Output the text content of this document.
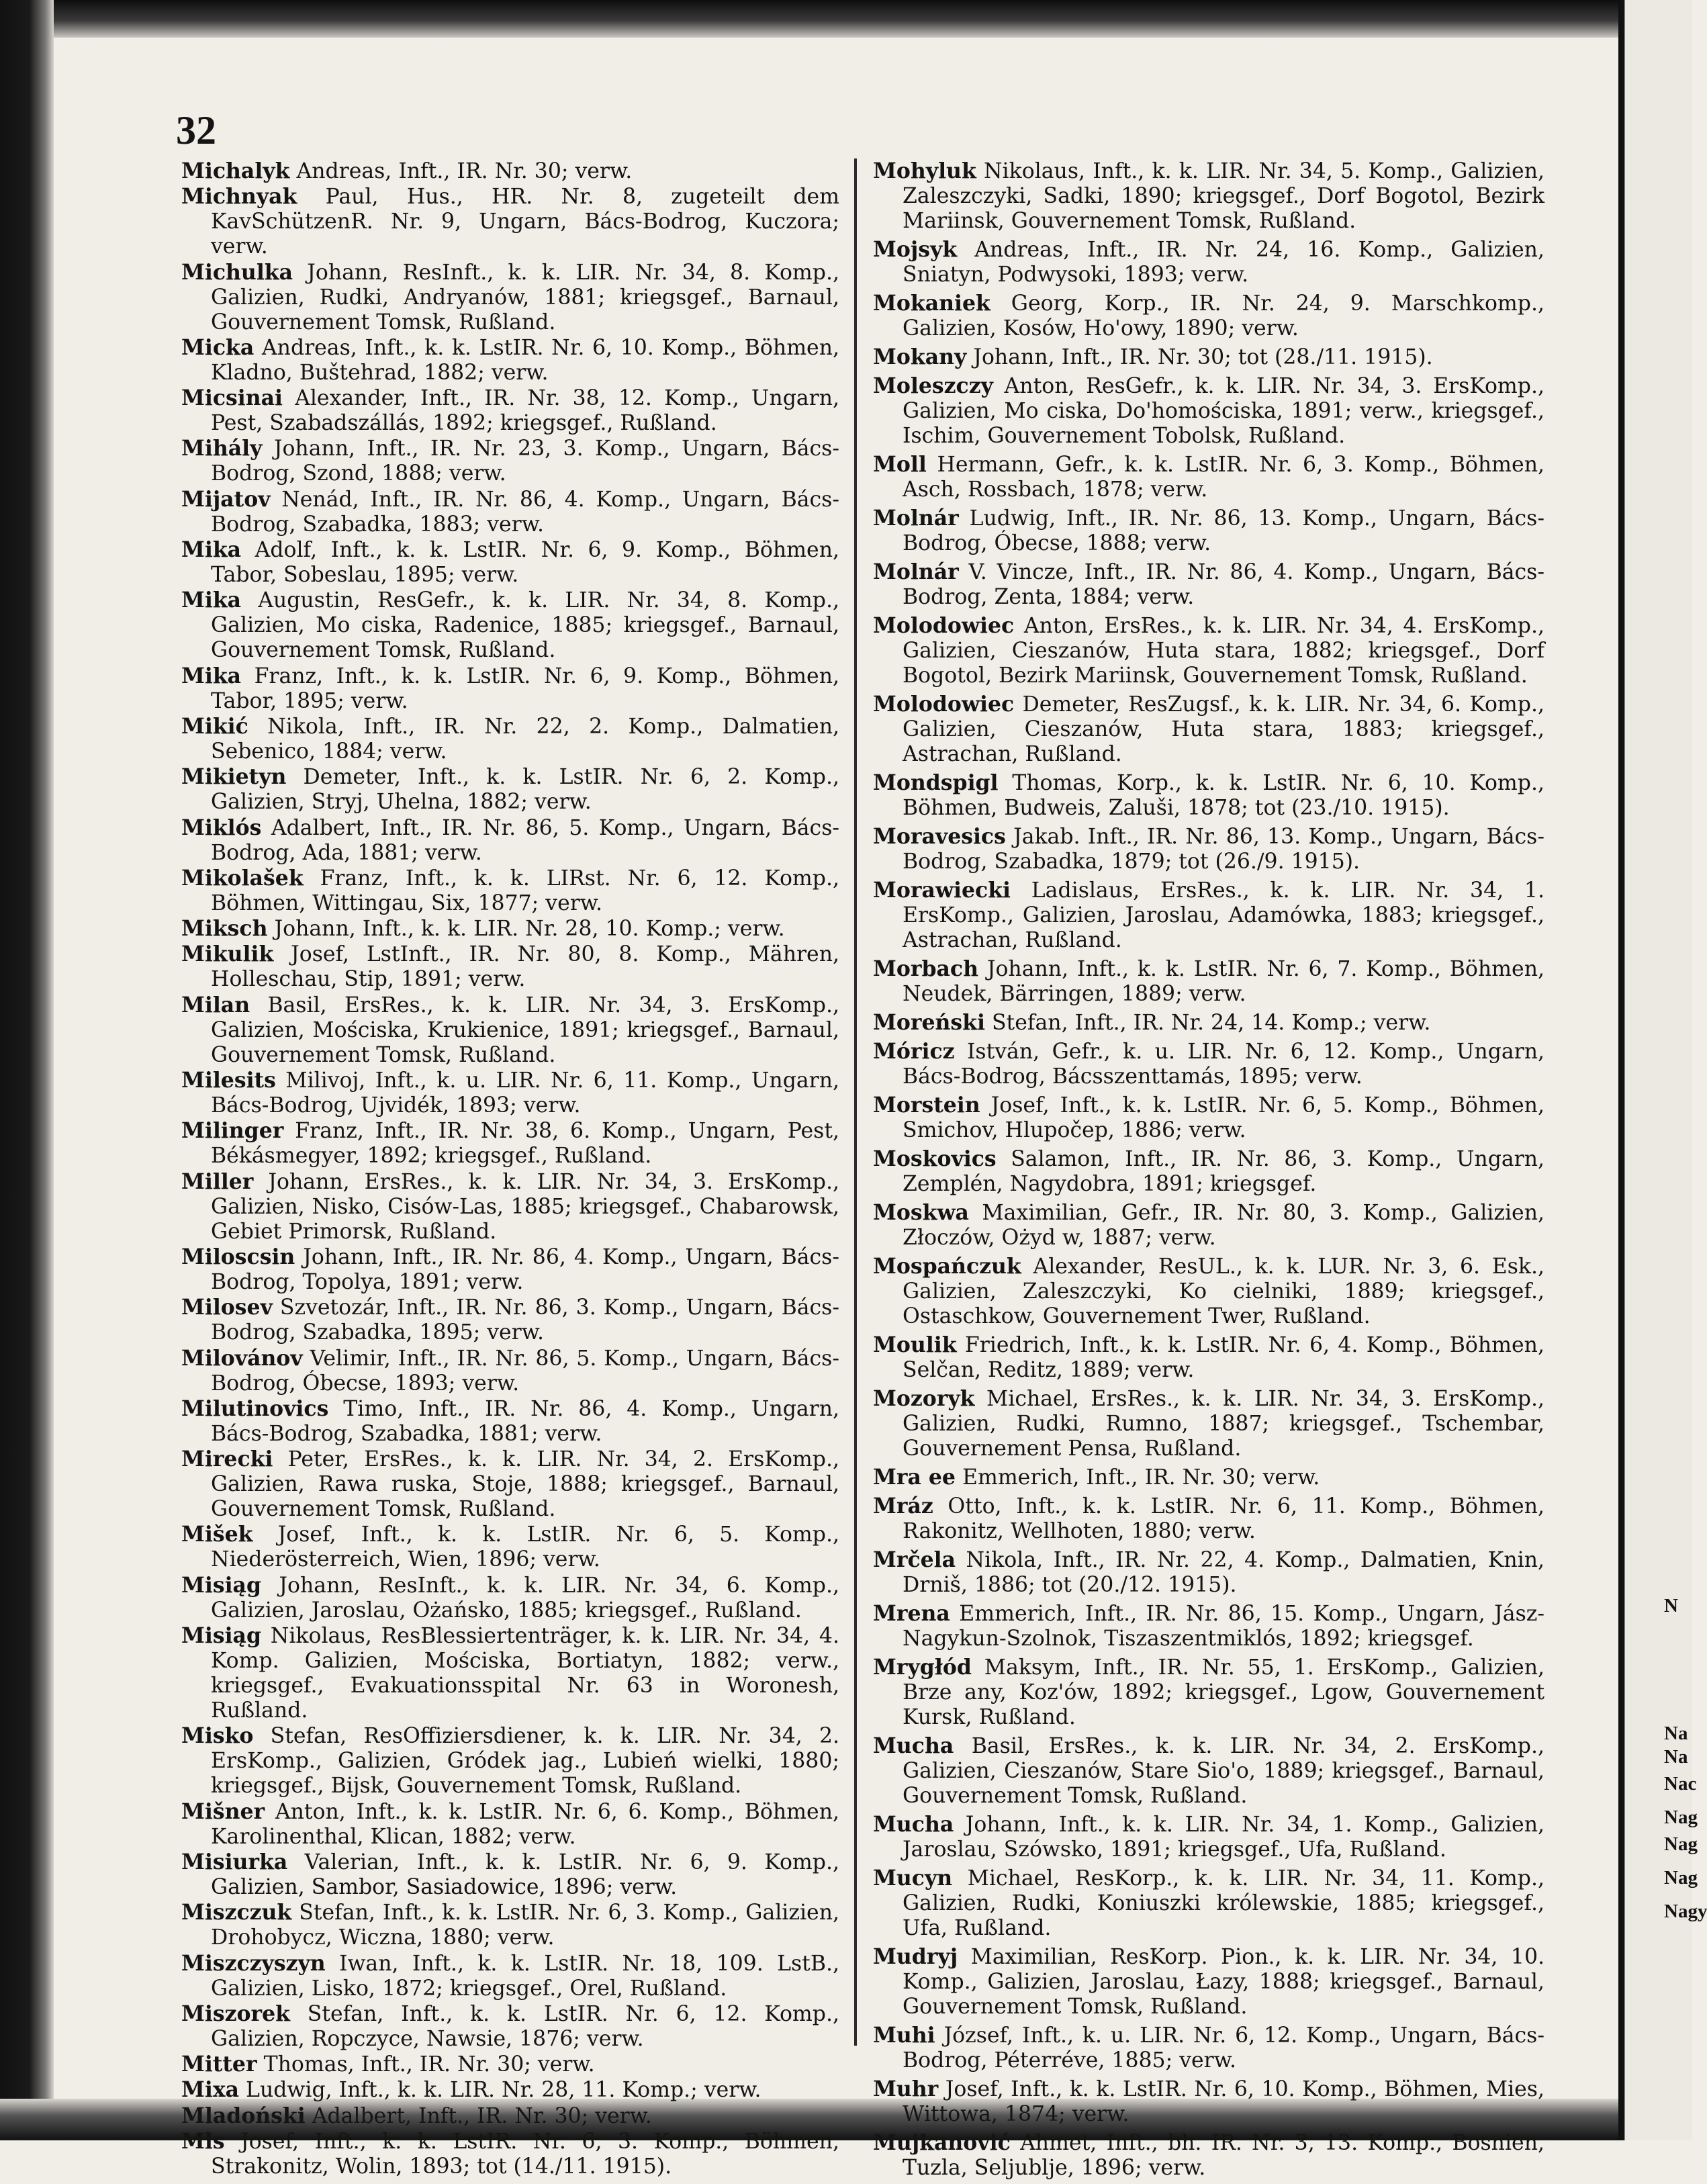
32
Michalyk Andreas, Inft., IR. Nr. 30; verw.
Michnyak Paul, Hus., HR. Nr. 8, zugeteilt dem KavSchützenR. Nr. 9, Ungarn, Bács-Bodrog, Kuczora; verw.
Michulka Johann, ResInft., k. k. LIR. Nr. 34, 8. Komp., Galizien, Rudki, Andryanów, 1881; kriegsgef., Barnaul, Gouvernement Tomsk, Rußland.
Micka Andreas, Inft., k. k. LstIR. Nr. 6, 10. Komp., Böhmen, Kladno, Buštehrad, 1882; verw.
Micsinai Alexander, Inft., IR. Nr. 38, 12. Komp., Ungarn, Pest, Szabadszállás, 1892; kriegsgef., Rußland.
Mihály Johann, Inft., IR. Nr. 23, 3. Komp., Ungarn, Bács-Bodrog, Szond, 1888; verw.
Mijatov Nenád, Inft., IR. Nr. 86, 4. Komp., Ungarn, Bács-Bodrog, Szabadka, 1883; verw.
Mika Adolf, Inft., k. k. LstIR. Nr. 6, 9. Komp., Böhmen, Tabor, Sobeslau, 1895; verw.
Mika Augustin, ResGefr., k. k. LIR. Nr. 34, 8. Komp., Galizien, Mo ciska, Radenice, 1885; kriegsgef., Barnaul, Gouvernement Tomsk, Rußland.
Mika Franz, Inft., k. k. LstIR. Nr. 6, 9. Komp., Böhmen, Tabor, 1895; verw.
Mikić Nikola, Inft., IR. Nr. 22, 2. Komp., Dalmatien, Sebenico, 1884; verw.
Mikietyn Demeter, Inft., k. k. LstIR. Nr. 6, 2. Komp., Galizien, Stryj, Uhelna, 1882; verw.
Miklós Adalbert, Inft., IR. Nr. 86, 5. Komp., Ungarn, Bács-Bodrog, Ada, 1881; verw.
Mikolašek Franz, Inft., k. k. LIRst. Nr. 6, 12. Komp., Böhmen, Wittingau, Six, 1877; verw.
Miksch Johann, Inft., k. k. LIR. Nr. 28, 10. Komp.; verw.
Mikulik Josef, LstInft., IR. Nr. 80, 8. Komp., Mähren, Holleschau, Stip, 1891; verw.
Milan Basil, ErsRes., k. k. LIR. Nr. 34, 3. ErsKomp., Galizien, Mościska, Krukienice, 1891; kriegsgef., Barnaul, Gouvernement Tomsk, Rußland.
Milesits Milivoj, Inft., k. u. LIR. Nr. 6, 11. Komp., Ungarn, Bács-Bodrog, Ujvidék, 1893; verw.
Milinger Franz, Inft., IR. Nr. 38, 6. Komp., Ungarn, Pest, Békásmegyer, 1892; kriegsgef., Rußland.
Miller Johann, ErsRes., k. k. LIR. Nr. 34, 3. ErsKomp., Galizien, Nisko, Cisów-Las, 1885; kriegsgef., Chabarowsk, Gebiet Primorsk, Rußland.
Miloscsin Johann, Inft., IR. Nr. 86, 4. Komp., Ungarn, Bács-Bodrog, Topolya, 1891; verw.
Milosev Szvetozár, Inft., IR. Nr. 86, 3. Komp., Ungarn, Bács-Bodrog, Szabadka, 1895; verw.
Milovánov Velimir, Inft., IR. Nr. 86, 5. Komp., Ungarn, Bács-Bodrog, Óbecse, 1893; verw.
Milutinovics Timo, Inft., IR. Nr. 86, 4. Komp., Ungarn, Bács-Bodrog, Szabadka, 1881; verw.
Mirecki Peter, ErsRes., k. k. LIR. Nr. 34, 2. ErsKomp., Galizien, Rawa ruska, Stoje, 1888; kriegsgef., Barnaul, Gouvernement Tomsk, Rußland.
Mišek Josef, Inft., k. k. LstIR. Nr. 6, 5. Komp., Niederösterreich, Wien, 1896; verw.
Misiąg Johann, ResInft., k. k. LIR. Nr. 34, 6. Komp., Galizien, Jaroslau, Ożańsko, 1885; kriegsgef., Rußland.
Misiąg Nikolaus, ResBlessiertenträger, k. k. LIR. Nr. 34, 4. Komp. Galizien, Mościska, Bortiatyn, 1882; verw., kriegsgef., Evakuationsspital Nr. 63 in Woronesh, Rußland.
Misko Stefan, ResOffiziersdiener, k. k. LIR. Nr. 34, 2. ErsKomp., Galizien, Gródek jag., Lubień wielki, 1880; kriegsgef., Bijsk, Gouvernement Tomsk, Rußland.
Mišner Anton, Inft., k. k. LstIR. Nr. 6, 6. Komp., Böhmen, Karolinenthal, Klican, 1882; verw.
Misiurka Valerian, Inft., k. k. LstIR. Nr. 6, 9. Komp., Galizien, Sambor, Sasiadowice, 1896; verw.
Miszczuk Stefan, Inft., k. k. LstIR. Nr. 6, 3. Komp., Galizien, Drohobycz, Wiczna, 1880; verw.
Miszczyszyn Iwan, Inft., k. k. LstIR. Nr. 18, 109. LstB., Galizien, Lisko, 1872; kriegsgef., Orel, Rußland.
Miszorek Stefan, Inft., k. k. LstIR. Nr. 6, 12. Komp., Galizien, Ropczyce, Nawsie, 1876; verw.
Mitter Thomas, Inft., IR. Nr. 30; verw.
Mixa Ludwig, Inft., k. k. LIR. Nr. 28, 11. Komp.; verw.
Mladoński Adalbert, Inft., IR. Nr. 30; verw.
Mls Josef, Inft., k. k. LstIR. Nr. 6, 3. Komp., Böhmen, Strakonitz, Wolin, 1893; tot (14./11. 1915).
Mohyluk Nikolaus, Inft., k. k. LIR. Nr. 34, 5. Komp., Galizien, Zaleszczyki, Sadki, 1890; kriegsgef., Dorf Bogotol, Bezirk Mariinsk, Gouvernement Tomsk, Rußland.
Mojsyk Andreas, Inft., IR. Nr. 24, 16. Komp., Galizien, Sniatyn, Podwysoki, 1893; verw.
Mokaniek Georg, Korp., IR. Nr. 24, 9. Marschkomp., Galizien, Kosów, Ho'owy, 1890; verw.
Mokany Johann, Inft., IR. Nr. 30; tot (28./11. 1915).
Moleszczy Anton, ResGefr., k. k. LIR. Nr. 34, 3. ErsKomp., Galizien, Mo ciska, Do'homościska, 1891; verw., kriegsgef., Ischim, Gouvernement Tobolsk, Rußland.
Moll Hermann, Gefr., k. k. LstIR. Nr. 6, 3. Komp., Böhmen, Asch, Rossbach, 1878; verw.
Molnár Ludwig, Inft., IR. Nr. 86, 13. Komp., Ungarn, Bács-Bodrog, Óbecse, 1888; verw.
Molnár V. Vincze, Inft., IR. Nr. 86, 4. Komp., Ungarn, Bács-Bodrog, Zenta, 1884; verw.
Molodowiec Anton, ErsRes., k. k. LIR. Nr. 34, 4. ErsKomp., Galizien, Cieszanów, Huta stara, 1882; kriegsgef., Dorf Bogotol, Bezirk Mariinsk, Gouvernement Tomsk, Rußland.
Molodowiec Demeter, ResZugsf., k. k. LIR. Nr. 34, 6. Komp., Galizien, Cieszanów, Huta stara, 1883; kriegsgef., Astrachan, Rußland.
Mondspigl Thomas, Korp., k. k. LstIR. Nr. 6, 10. Komp., Böhmen, Budweis, Zaluši, 1878; tot (23./10. 1915).
Moravesics Jakab. Inft., IR. Nr. 86, 13. Komp., Ungarn, Bács-Bodrog, Szabadka, 1879; tot (26./9. 1915).
Morawiecki Ladislaus, ErsRes., k. k. LIR. Nr. 34, 1. ErsKomp., Galizien, Jaroslau, Adamówka, 1883; kriegsgef., Astrachan, Rußland.
Morbach Johann, Inft., k. k. LstIR. Nr. 6, 7. Komp., Böhmen, Neudek, Bärringen, 1889; verw.
Moreński Stefan, Inft., IR. Nr. 24, 14. Komp.; verw.
Móricz István, Gefr., k. u. LIR. Nr. 6, 12. Komp., Ungarn, Bács-Bodrog, Bácsszenttamás, 1895; verw.
Morstein Josef, Inft., k. k. LstIR. Nr. 6, 5. Komp., Böhmen, Smichov, Hlupočep, 1886; verw.
Moskovics Salamon, Inft., IR. Nr. 86, 3. Komp., Ungarn, Zemplén, Nagydobra, 1891; kriegsgef.
Moskwa Maximilian, Gefr., IR. Nr. 80, 3. Komp., Galizien, Złoczów, Ożyd w, 1887; verw.
Mospańczuk Alexander, ResUL., k. k. LUR. Nr. 3, 6. Esk., Galizien, Zaleszczyki, Ko cielniki, 1889; kriegsgef., Ostaschkow, Gouvernement Twer, Rußland.
Moulik Friedrich, Inft., k. k. LstIR. Nr. 6, 4. Komp., Böhmen, Selčan, Reditz, 1889; verw.
Mozoryk Michael, ErsRes., k. k. LIR. Nr. 34, 3. ErsKomp., Galizien, Rudki, Rumno, 1887; kriegsgef., Tschembar, Gouvernement Pensa, Rußland.
Mra ee Emmerich, Inft., IR. Nr. 30; verw.
Mráz Otto, Inft., k. k. LstIR. Nr. 6, 11. Komp., Böhmen, Rakonitz, Wellhoten, 1880; verw.
Mrčela Nikola, Inft., IR. Nr. 22, 4. Komp., Dalmatien, Knin, Drniš, 1886; tot (20./12. 1915).
Mrena Emmerich, Inft., IR. Nr. 86, 15. Komp., Ungarn, Jász-Nagykun-Szolnok, Tiszaszentmiklós, 1892; kriegsgef.
Mrygłód Maksym, Inft., IR. Nr. 55, 1. ErsKomp., Galizien, Brze any, Koz'ów, 1892; kriegsgef., Lgow, Gouvernement Kursk, Rußland.
Mucha Basil, ErsRes., k. k. LIR. Nr. 34, 2. ErsKomp., Galizien, Cieszanów, Stare Sio'o, 1889; kriegsgef., Barnaul, Gouvernement Tomsk, Rußland.
Mucha Johann, Inft., k. k. LIR. Nr. 34, 1. Komp., Galizien, Jaroslau, Szówsko, 1891; kriegsgef., Ufa, Rußland.
Mucyn Michael, ResKorp., k. k. LIR. Nr. 34, 11. Komp., Galizien, Rudki, Koniuszki królewskie, 1885; kriegsgef., Ufa, Rußland.
Mudryj Maximilian, ResKorp. Pion., k. k. LIR. Nr. 34, 10. Komp., Galizien, Jaroslau, Łazy, 1888; kriegsgef., Barnaul, Gouvernement Tomsk, Rußland.
Muhi József, Inft., k. u. LIR. Nr. 6, 12. Komp., Ungarn, Bács-Bodrog, Péterréve, 1885; verw.
Muhr Josef, Inft., k. k. LstIR. Nr. 6, 10. Komp., Böhmen, Mies, Wittowa, 1874; verw.
Mujkanović Ahmet, Inft., bh. IR. Nr. 3, 13. Komp., Bosnien, Tuzla, Seljublje, 1896; verw.
N
Na
Na
Nac
Nag
Nag
Nag
Nagy
